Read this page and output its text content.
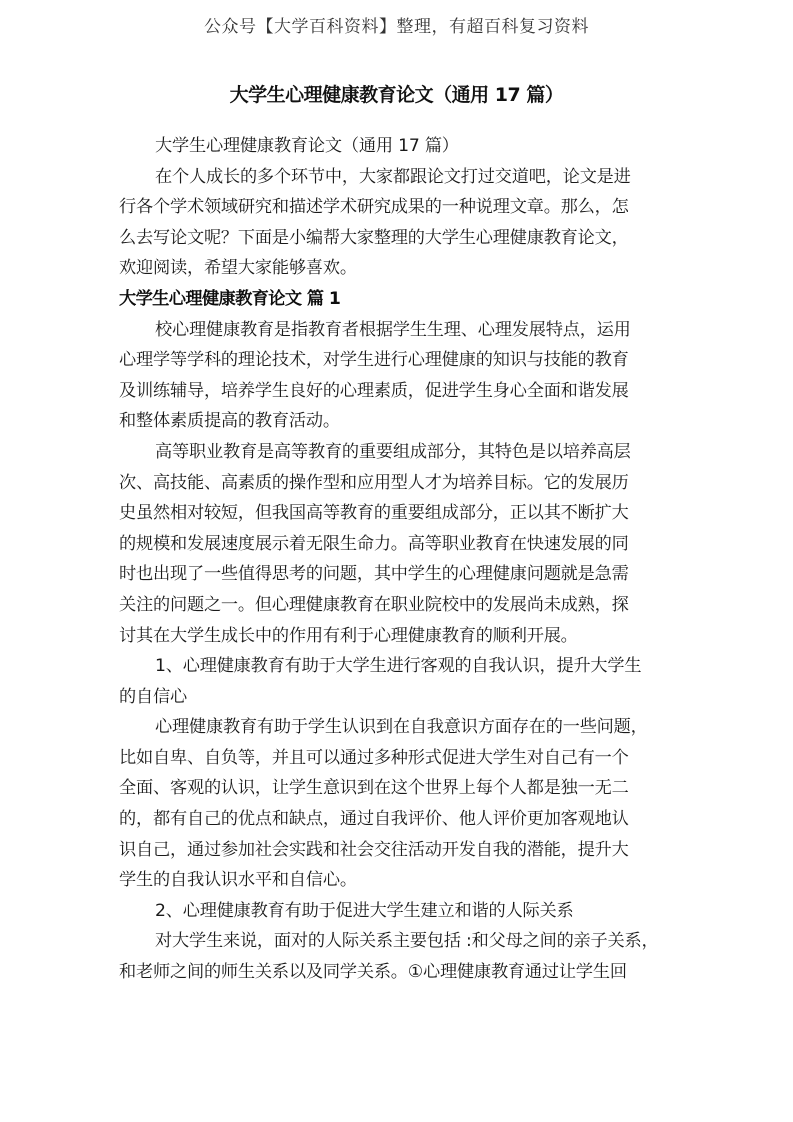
公众号【大学百科资料】整理，有超百科复习资料
大学生心理健康教育论文（通用 17 篇）
大学生心理健康教育论文（通用 17 篇）
在个人成长的多个环节中，大家都跟论文打过交道吧，论文是进
行各个学术领域研究和描述学术研究成果的一种说理文章。那么，怎
么去写论文呢？下面是小编帮大家整理的大学生心理健康教育论文，
欢迎阅读，希望大家能够喜欢。
大学生心理健康教育论文 篇 1
校心理健康教育是指教育者根据学生生理、心理发展特点，运用
心理学等学科的理论技术，对学生进行心理健康的知识与技能的教育
及训练辅导，培养学生良好的心理素质，促进学生身心全面和谐发展
和整体素质提高的教育活动。
高等职业教育是高等教育的重要组成部分，其特色是以培养高层
次、高技能、高素质的操作型和应用型人才为培养目标。它的发展历
史虽然相对较短，但我国高等教育的重要组成部分，正以其不断扩大
的规模和发展速度展示着无限生命力。高等职业教育在快速发展的同
时也出现了一些值得思考的问题，其中学生的心理健康问题就是急需
关注的问题之一。但心理健康教育在职业院校中的发展尚未成熟，探
讨其在大学生成长中的作用有利于心理健康教育的顺利开展。
1、心理健康教育有助于大学生进行客观的自我认识，提升大学生
的自信心
心理健康教育有助于学生认识到在自我意识方面存在的一些问题，
比如自卑、自负等，并且可以通过多种形式促进大学生对自己有一个
全面、客观的认识，让学生意识到在这个世界上每个人都是独一无二
的，都有自己的优点和缺点，通过自我评价、他人评价更加客观地认
识自己，通过参加社会实践和社会交往活动开发自我的潜能，提升大
学生的自我认识水平和自信心。
2、心理健康教育有助于促进大学生建立和谐的人际关系
对大学生来说，面对的人际关系主要包括 :和父母之间的亲子关系，
和老师之间的师生关系以及同学关系。①心理健康教育通过让学生回
